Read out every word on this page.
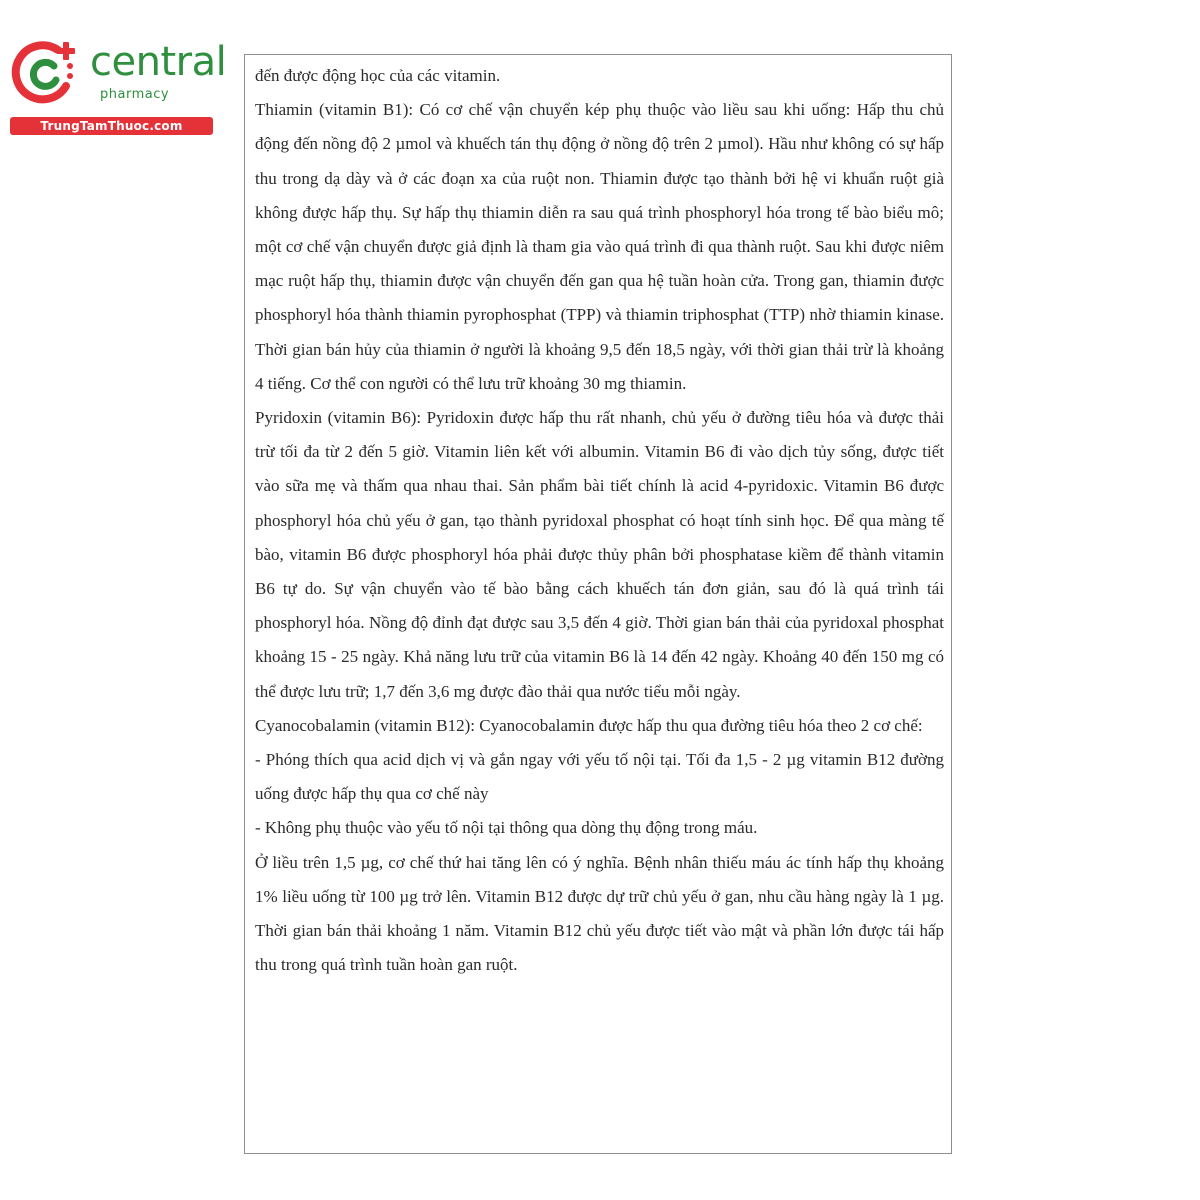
central
pharmacy
TrungTamThuoc.com

đến được động học của các vitamin.

Thiamin (vitamin B1): Có cơ chế vận chuyển kép phụ thuộc vào liều sau khi uống: Hấp thu chủ động đến nồng độ 2 µmol và khuếch tán thụ động ở nồng độ trên 2 µmol). Hầu như không có sự hấp thu trong dạ dày và ở các đoạn xa của ruột non. Thiamin được tạo thành bởi hệ vi khuẩn ruột già không được hấp thụ. Sự hấp thụ thiamin diễn ra sau quá trình phosphoryl hóa trong tế bào biểu mô; một cơ chế vận chuyển được giả định là tham gia vào quá trình đi qua thành ruột. Sau khi được niêm mạc ruột hấp thụ, thiamin được vận chuyển đến gan qua hệ tuần hoàn cửa. Trong gan, thiamin được phosphoryl hóa thành thiamin pyrophosphat (TPP) và thiamin triphosphat (TTP) nhờ thiamin kinase. Thời gian bán hủy của thiamin ở người là khoảng 9,5 đến 18,5 ngày, với thời gian thải trừ là khoảng 4 tiếng. Cơ thể con người có thể lưu trữ khoảng 30 mg thiamin.

Pyridoxin (vitamin B6): Pyridoxin được hấp thu rất nhanh, chủ yếu ở đường tiêu hóa và được thải trừ tối đa từ 2 đến 5 giờ. Vitamin liên kết với albumin. Vitamin B6 đi vào dịch tủy sống, được tiết vào sữa mẹ và thấm qua nhau thai. Sản phẩm bài tiết chính là acid 4-pyridoxic. Vitamin B6 được phosphoryl hóa chủ yếu ở gan, tạo thành pyridoxal phosphat có hoạt tính sinh học. Để qua màng tế bào, vitamin B6 được phosphoryl hóa phải được thủy phân bởi phosphatase kiềm để thành vitamin B6 tự do. Sự vận chuyển vào tế bào bằng cách khuếch tán đơn giản, sau đó là quá trình tái phosphoryl hóa. Nồng độ đỉnh đạt được sau 3,5 đến 4 giờ. Thời gian bán thải của pyridoxal phosphat khoảng 15 - 25 ngày. Khả năng lưu trữ của vitamin B6 là 14 đến 42 ngày. Khoảng 40 đến 150 mg có thể được lưu trữ; 1,7 đến 3,6 mg được đào thải qua nước tiểu mỗi ngày.

Cyanocobalamin (vitamin B12): Cyanocobalamin được hấp thu qua đường tiêu hóa theo 2 cơ chế:

- Phóng thích qua acid dịch vị và gắn ngay với yếu tố nội tại. Tối đa 1,5 - 2 µg vitamin B12 đường uống được hấp thụ qua cơ chế này

- Không phụ thuộc vào yếu tố nội tại thông qua dòng thụ động trong máu.

Ở liều trên 1,5 µg, cơ chế thứ hai tăng lên có ý nghĩa. Bệnh nhân thiếu máu ác tính hấp thụ khoảng 1% liều uống từ 100 µg trở lên. Vitamin B12 được dự trữ chủ yếu ở gan, nhu cầu hàng ngày là 1 µg. Thời gian bán thải khoảng 1 năm. Vitamin B12 chủ yếu được tiết vào mật và phần lớn được tái hấp thu trong quá trình tuần hoàn gan ruột.
